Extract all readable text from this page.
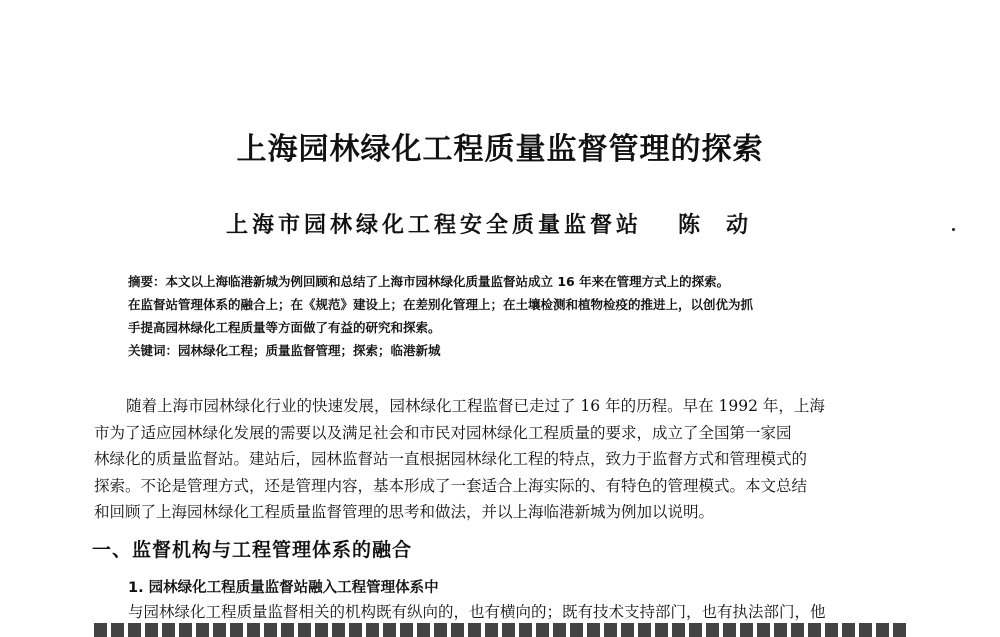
上海园林绿化工程质量监督管理的探索
上海市园林绿化工程安全质量监督站 陈动

摘要：本文以上海临港新城为例回顾和总结了上海市园林绿化质量监督站成立 16 年来在管理方式上的探索。

在监督站管理体系的融合上；在《规范》建设上；在差别化管理上；在土壤检测和植物检疫的推进上，以创优为抓

手提高园林绿化工程质量等方面做了有益的研究和探索。

关键词：园林绿化工程；质量监督管理；探索；临港新城

随着上海市园林绿化行业的快速发展，园林绿化工程监督已走过了 16 年的历程。早在 1992 年，上海

市为了适应园林绿化发展的需要以及满足社会和市民对园林绿化工程质量的要求，成立了全国第一家园

林绿化的质量监督站。建站后，园林监督站一直根据园林绿化工程的特点，致力于监督方式和管理模式的

探索。不论是管理方式，还是管理内容，基本形成了一套适合上海实际的、有特色的管理模式。本文总结

和回顾了上海园林绿化工程质量监督管理的思考和做法，并以上海临港新城为例加以说明。

一、监督机构与工程管理体系的融合
1. 园林绿化工程质量监督站融入工程管理体系中
与园林绿化工程质量监督相关的机构既有纵向的，也有横向的；既有技术支持部门，也有执法部门，他
